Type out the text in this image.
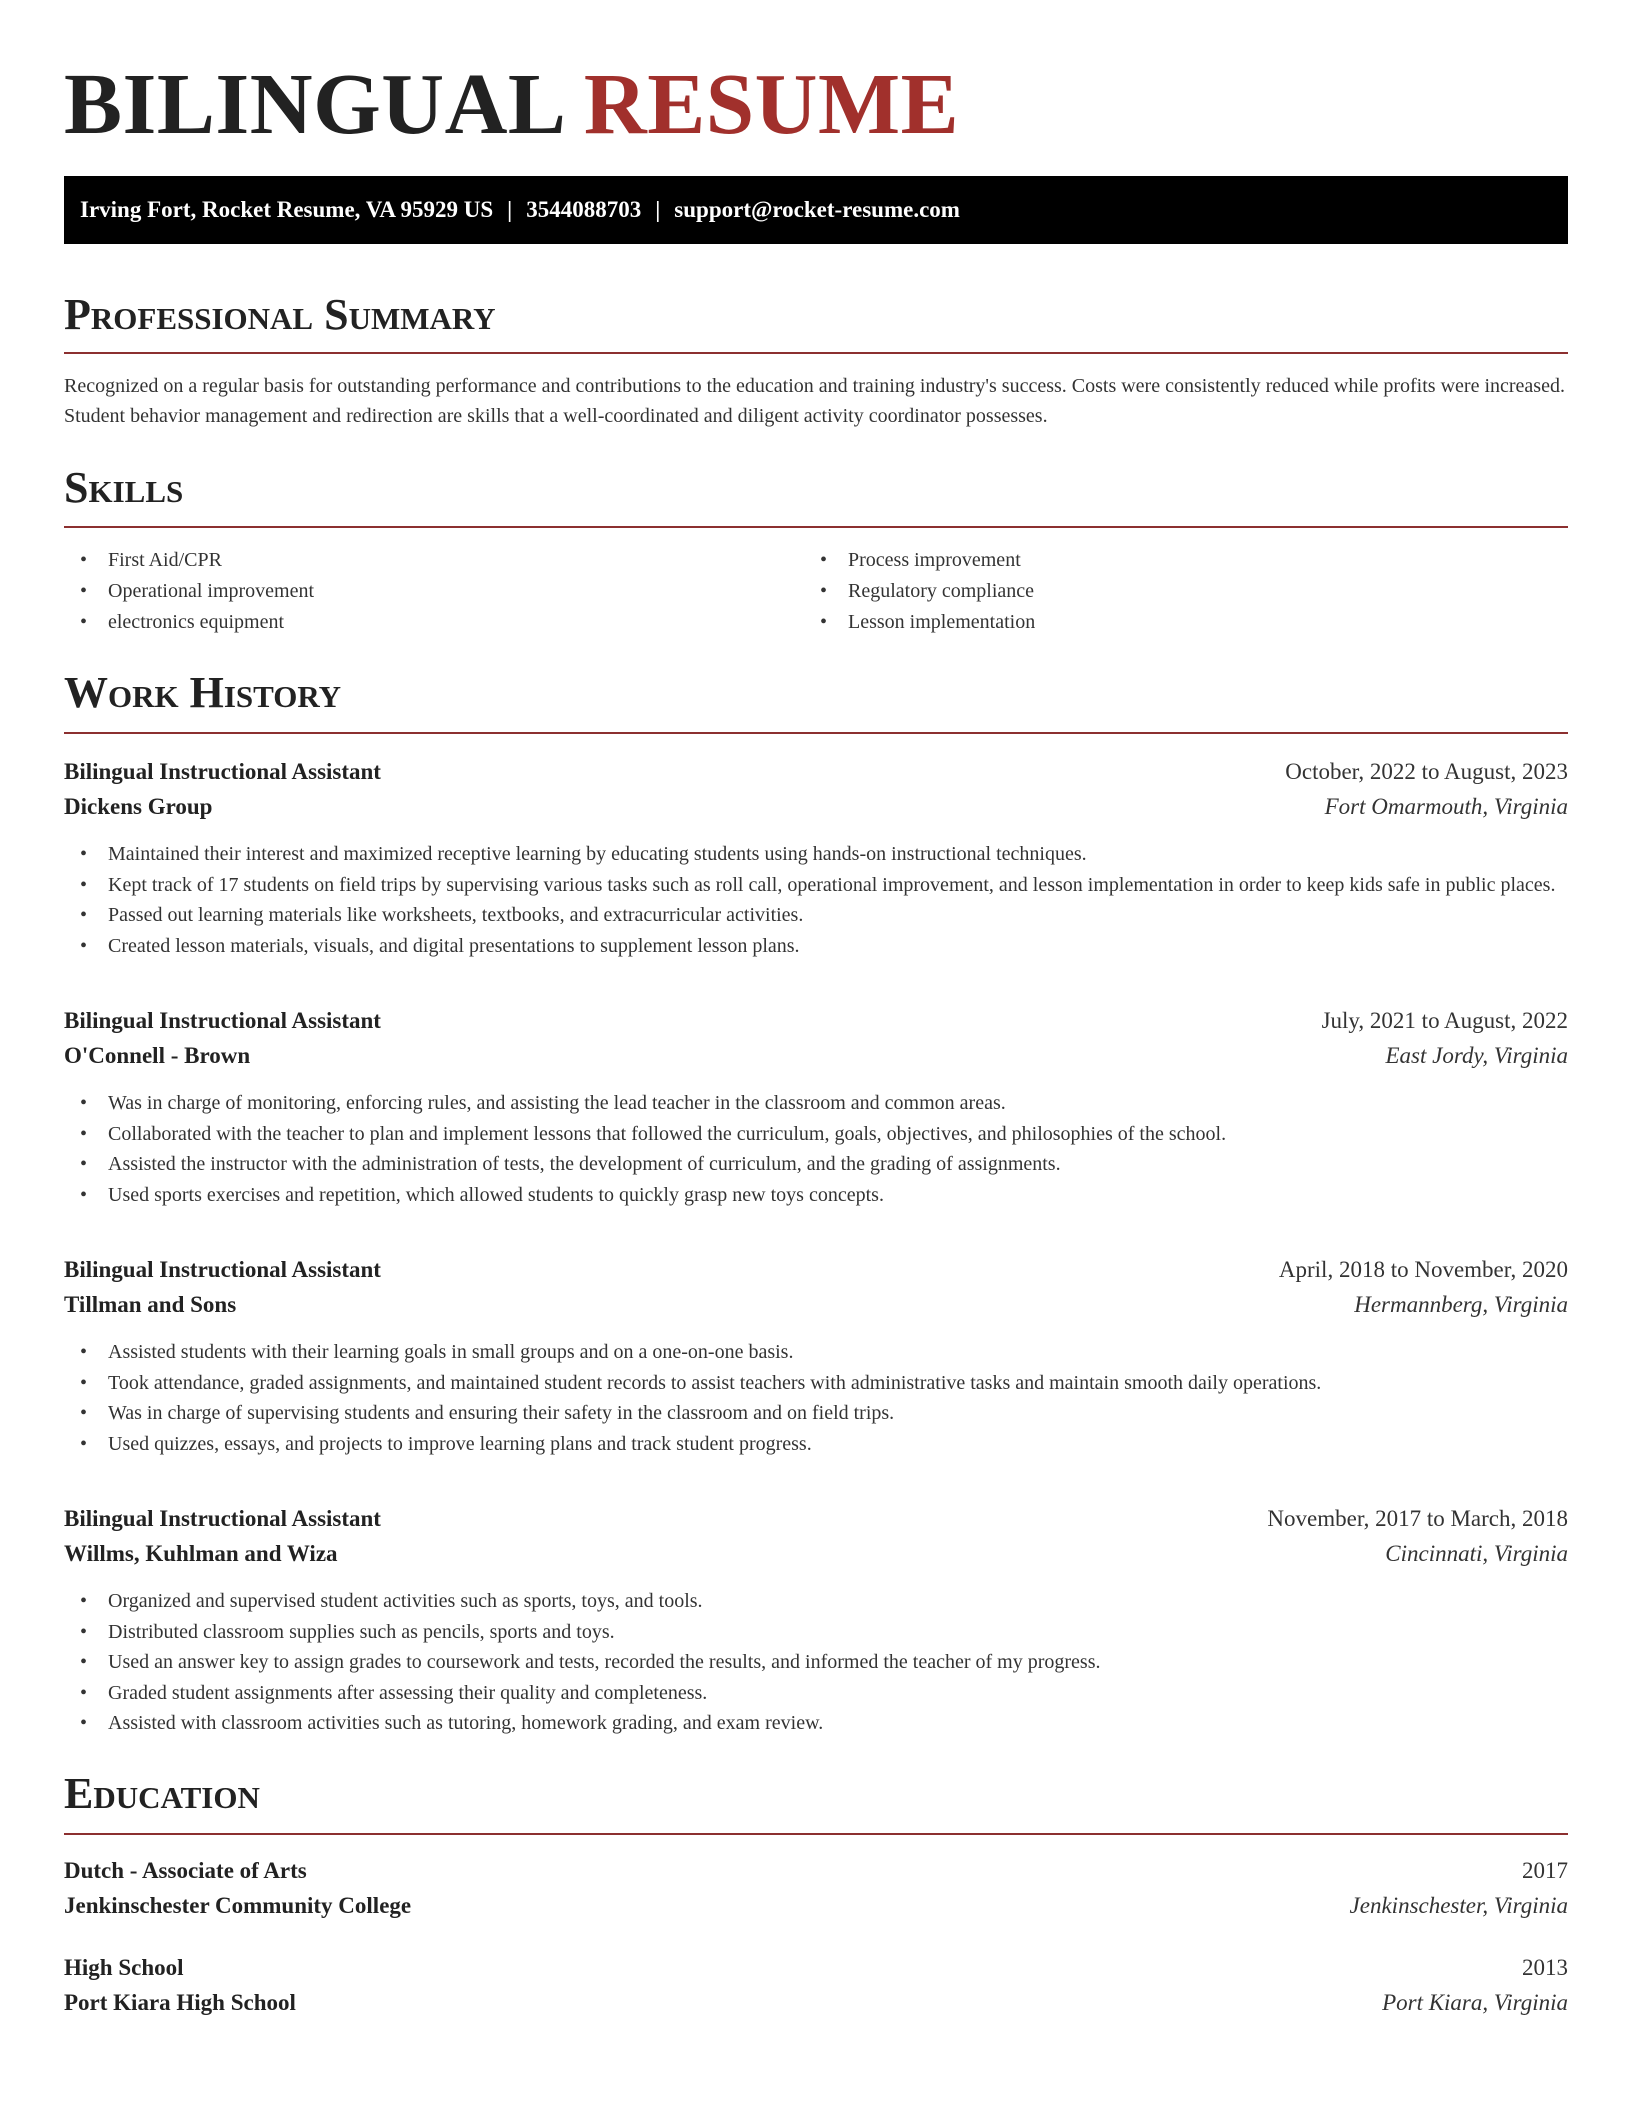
BILINGUAL RESUME
Irving Fort, Rocket Resume, VA 95929 US | 3544088703 | support@rocket-resume.com
Professional Summary

Recognized on a regular basis for outstanding performance and contributions to the education and training industry's success. Costs were consistently reduced while profits were increased. Student behavior management and redirection are skills that a well-coordinated and diligent activity coordinator possesses.

Skills
• First Aid/CPR
• Operational improvement
• electronics equipment
• Process improvement
• Regulatory compliance
• Lesson implementation
Work History
Bilingual Instructional Assistant	October, 2022 to August, 2023
Dickens Group	Fort Omarmouth, Virginia
• Maintained their interest and maximized receptive learning by educating students using hands-on instructional techniques.
• Kept track of 17 students on field trips by supervising various tasks such as roll call, operational improvement, and lesson implementation in order to keep kids safe in public places.
• Passed out learning materials like worksheets, textbooks, and extracurricular activities.
• Created lesson materials, visuals, and digital presentations to supplement lesson plans.
Bilingual Instructional Assistant	July, 2021 to August, 2022
O'Connell - Brown	East Jordy, Virginia
• Was in charge of monitoring, enforcing rules, and assisting the lead teacher in the classroom and common areas.
• Collaborated with the teacher to plan and implement lessons that followed the curriculum, goals, objectives, and philosophies of the school.
• Assisted the instructor with the administration of tests, the development of curriculum, and the grading of assignments.
• Used sports exercises and repetition, which allowed students to quickly grasp new toys concepts.
Bilingual Instructional Assistant	April, 2018 to November, 2020
Tillman and Sons	Hermannberg, Virginia
• Assisted students with their learning goals in small groups and on a one-on-one basis.
• Took attendance, graded assignments, and maintained student records to assist teachers with administrative tasks and maintain smooth daily operations.
• Was in charge of supervising students and ensuring their safety in the classroom and on field trips.
• Used quizzes, essays, and projects to improve learning plans and track student progress.
Bilingual Instructional Assistant	November, 2017 to March, 2018
Willms, Kuhlman and Wiza	Cincinnati, Virginia
• Organized and supervised student activities such as sports, toys, and tools.
• Distributed classroom supplies such as pencils, sports and toys.
• Used an answer key to assign grades to coursework and tests, recorded the results, and informed the teacher of my progress.
• Graded student assignments after assessing their quality and completeness.
• Assisted with classroom activities such as tutoring, homework grading, and exam review.
Education
Dutch - Associate of Arts	2017
Jenkinschester Community College	Jenkinschester, Virginia
High School	2013
Port Kiara High School	Port Kiara, Virginia
